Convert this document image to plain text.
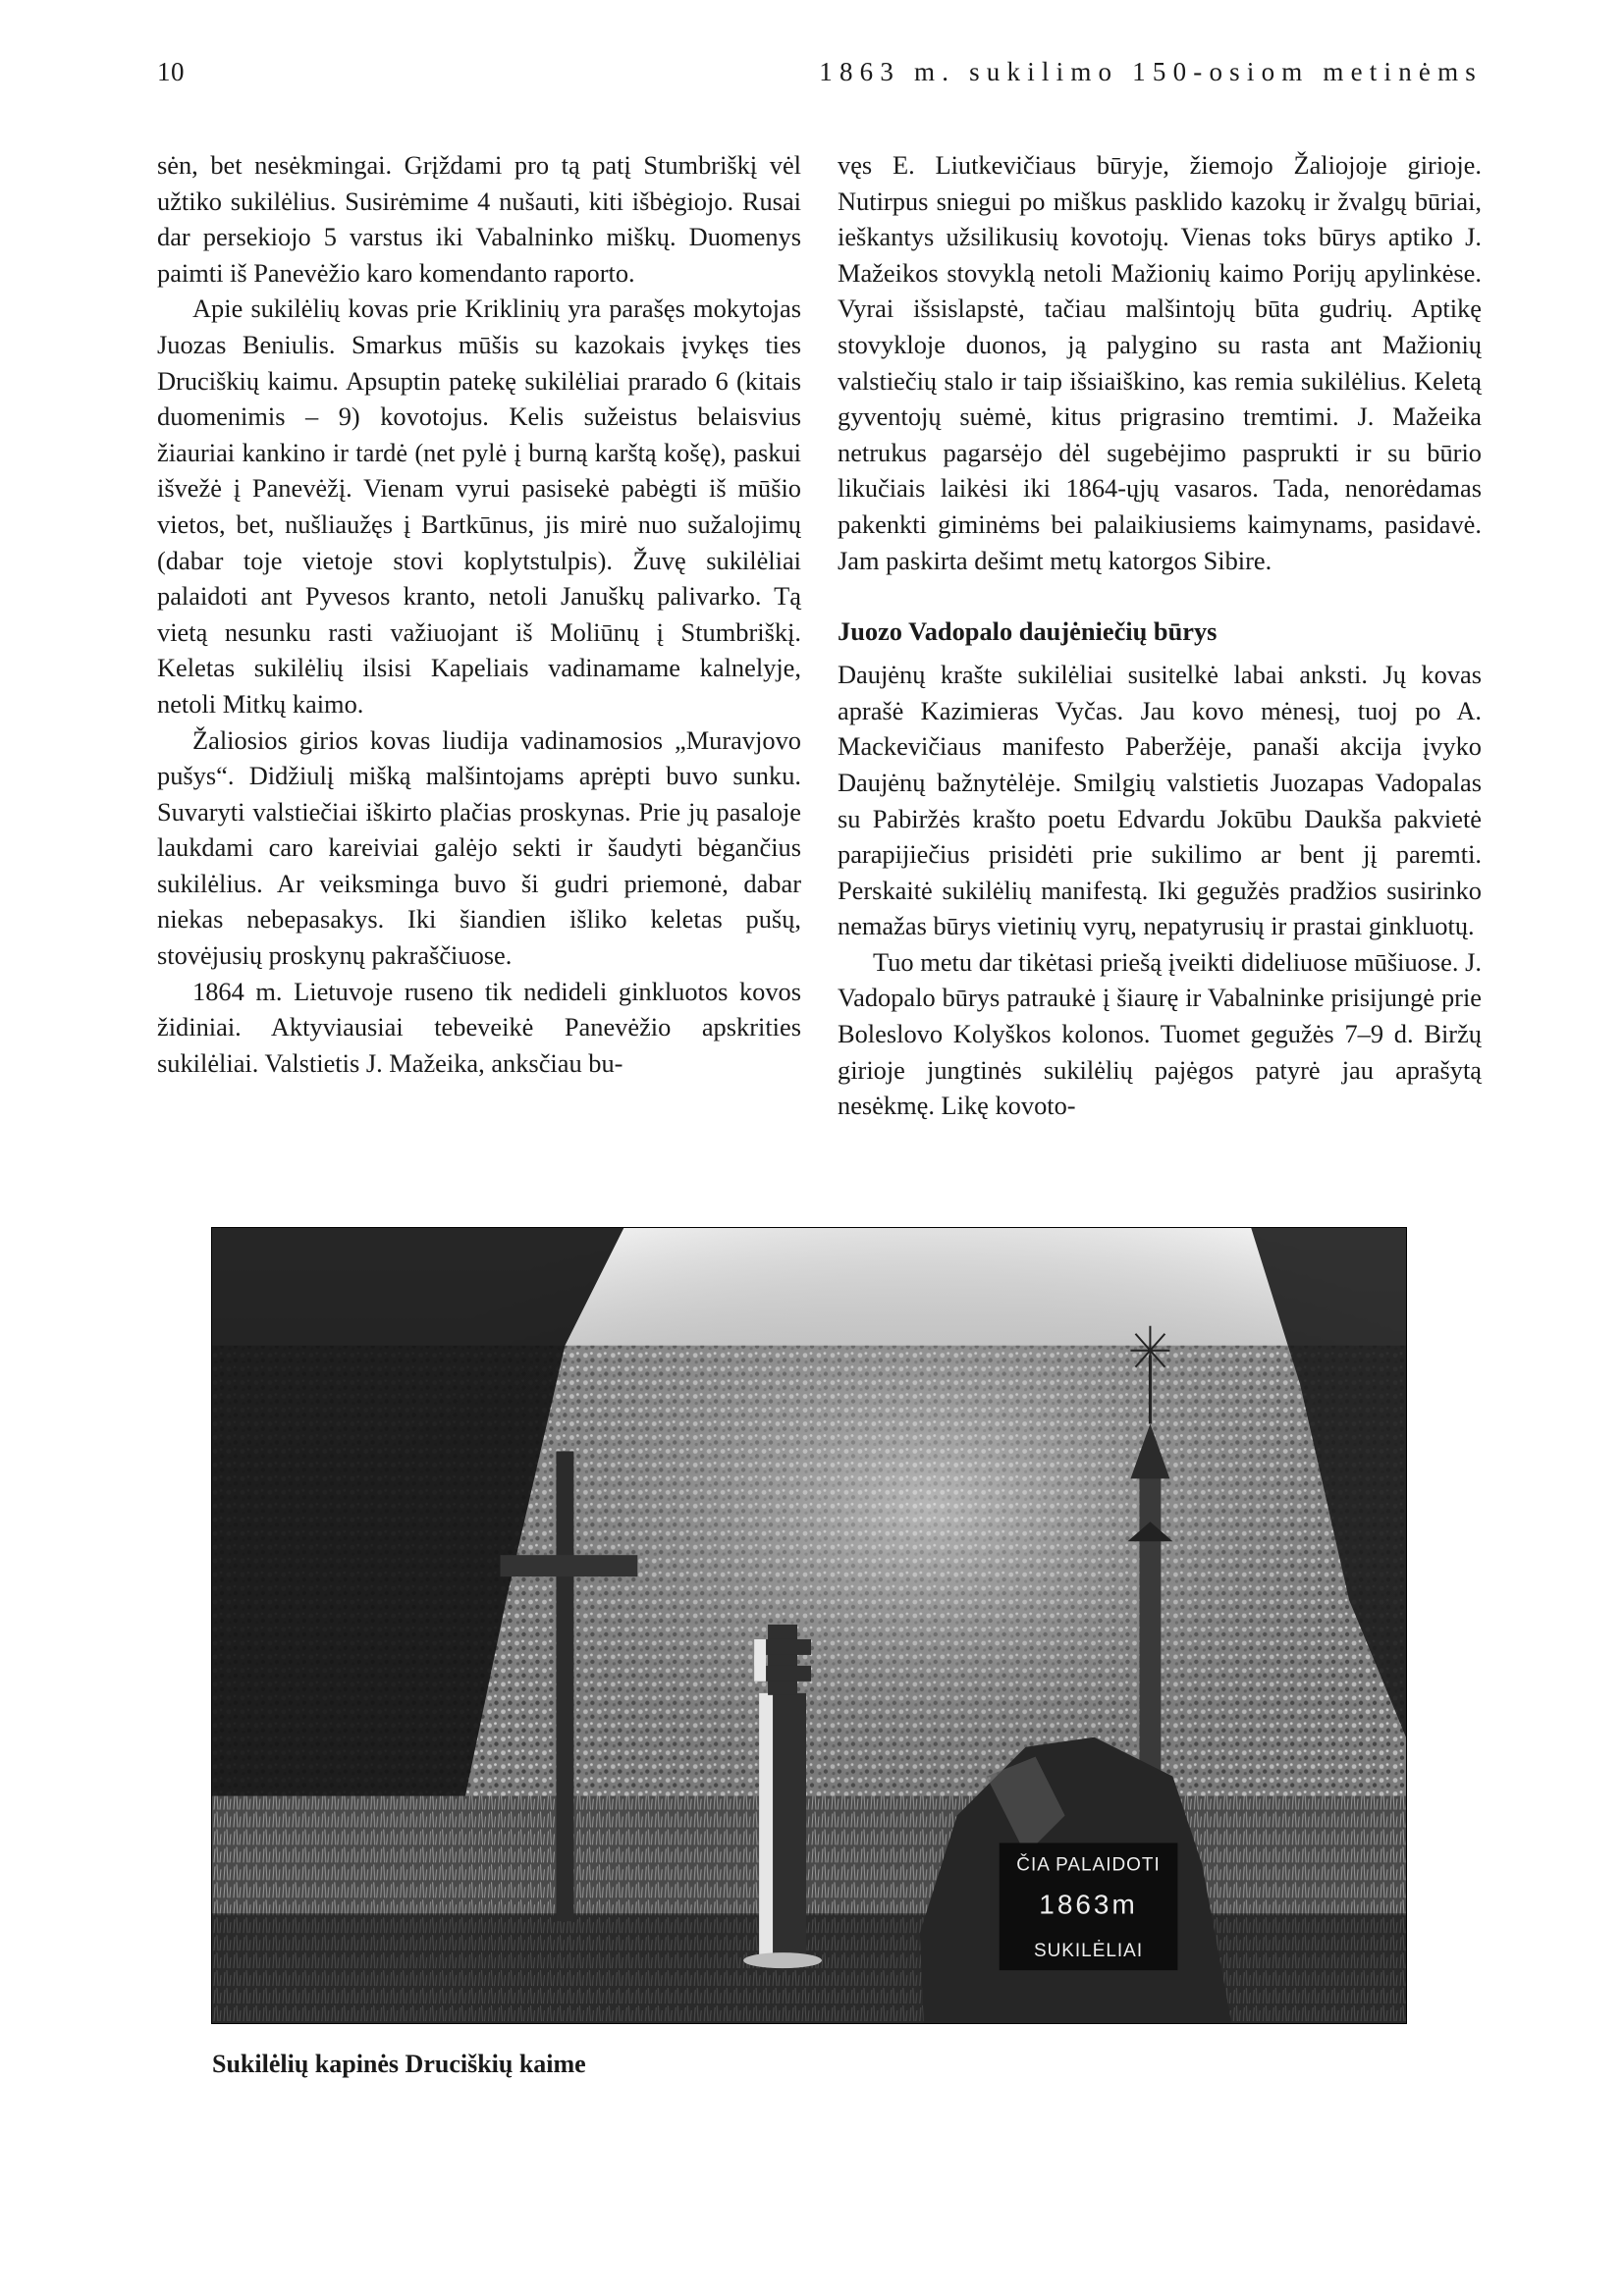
10	1863 m. sukilimo 150-osiom metinėms

sėn, bet nesėkmingai. Grįždami pro tą patį Stumbriškį vėl užtiko sukilėlius. Susirėmime 4 nušauti, kiti išbėgiojo. Rusai dar persekiojo 5 varstus iki Vabalninko miškų. Duomenys paimti iš Panevėžio karo komendanto raporto.

Apie sukilėlių kovas prie Kriklinių yra parašęs mokytojas Juozas Beniulis. Smarkus mūšis su kazokais įvykęs ties Druciškių kaimu. Apsuptin patekę sukilėliai prarado 6 (kitais duomenimis – 9) kovotojus. Kelis sužeistus belaisvius žiauriai kankino ir tardė (net pylė į burną karštą košę), paskui išvežė į Panevėžį. Vienam vyrui pasisekė pabėgti iš mūšio vietos, bet, nušliaužęs į Bartkūnus, jis mirė nuo sužalojimų (dabar toje vietoje stovi koplytstulpis). Žuvę sukilėliai palaidoti ant Pyvesos kranto, netoli Januškų palivarko. Tą vietą nesunku rasti važiuojant iš Moliūnų į Stumbriškį. Keletas sukilėlių ilsisi Kapeliais vadinamame kalnelyje, netoli Mitkų kaimo.

Žaliosios girios kovas liudija vadinamosios „Muravjovo pušys“. Didžiulį mišką malšintojams aprėpti buvo sunku. Suvaryti valstiečiai iškirto plačias proskynas. Prie jų pasaloje laukdami caro kareiviai galėjo sekti ir šaudyti bėgančius sukilėlius. Ar veiksminga buvo ši gudri priemonė, dabar niekas nebepasakys. Iki šiandien išliko keletas pušų, stovėjusių proskynų pakraščiuose.

1864 m. Lietuvoje ruseno tik nedideli ginkluotos kovos židiniai. Aktyviausiai tebeveikė Panevėžio apskrities sukilėliai. Valstietis J. Mažeika, anksčiau bu-

vęs E. Liutkevičiaus būryje, žiemojo Žaliojoje girioje. Nutirpus sniegui po miškus pasklido kazokų ir žvalgų būriai, ieškantys užsilikusių kovotojų. Vienas toks būrys aptiko J. Mažeikos stovyklą netoli Mažionių kaimo Porijų apylinkėse. Vyrai išsislapstė, tačiau malšintojų būta gudrių. Aptikę stovykloje duonos, ją palygino su rasta ant Mažionių valstiečių stalo ir taip išsiaiškino, kas remia sukilėlius. Keletą gyventojų suėmė, kitus prigrasino tremtimi. J. Mažeika netrukus pagarsėjo dėl sugebėjimo pasprukti ir su būrio likučiais laikėsi iki 1864-ųjų vasaros. Tada, nenorėdamas pakenkti giminėms bei palaikiusiems kaimynams, pasidavė. Jam paskirta dešimt metų katorgos Sibire.

Juozo Vadopalo daujėniečių būrys

Daujėnų krašte sukilėliai susitelkė labai anksti. Jų kovas aprašė Kazimieras Vyčas. Jau kovo mėnesį, tuoj po A. Mackevičiaus manifesto Paberžėje, panaši akcija įvyko Daujėnų bažnytėlėje. Smilgių valstietis Juozapas Vadopalas su Pabiržės krašto poetu Edvardu Jokūbu Daukša pakvietė parapijiečius prisidėti prie sukilimo ar bent jį paremti. Perskaitė sukilėlių manifestą. Iki gegužės pradžios susirinko nemažas būrys vietinių vyrų, nepatyrusių ir prastai ginkluotų.

Tuo metu dar tikėtasi priešą įveikti dideliuose mūšiuose. J. Vadopalo būrys patraukė į šiaurę ir Vabalninke prisijungė prie Boleslovo Kolyškos kolonos. Tuomet gegužės 7–9 d. Biržų girioje jungtinės sukilėlių pajėgos patyrė jau aprašytą nesėkmę. Likę kovoto-

ČIA PALAIDOTI
1863m
SUKILĖLIAI
Sukilėlių kapinės Druciškių kaime
